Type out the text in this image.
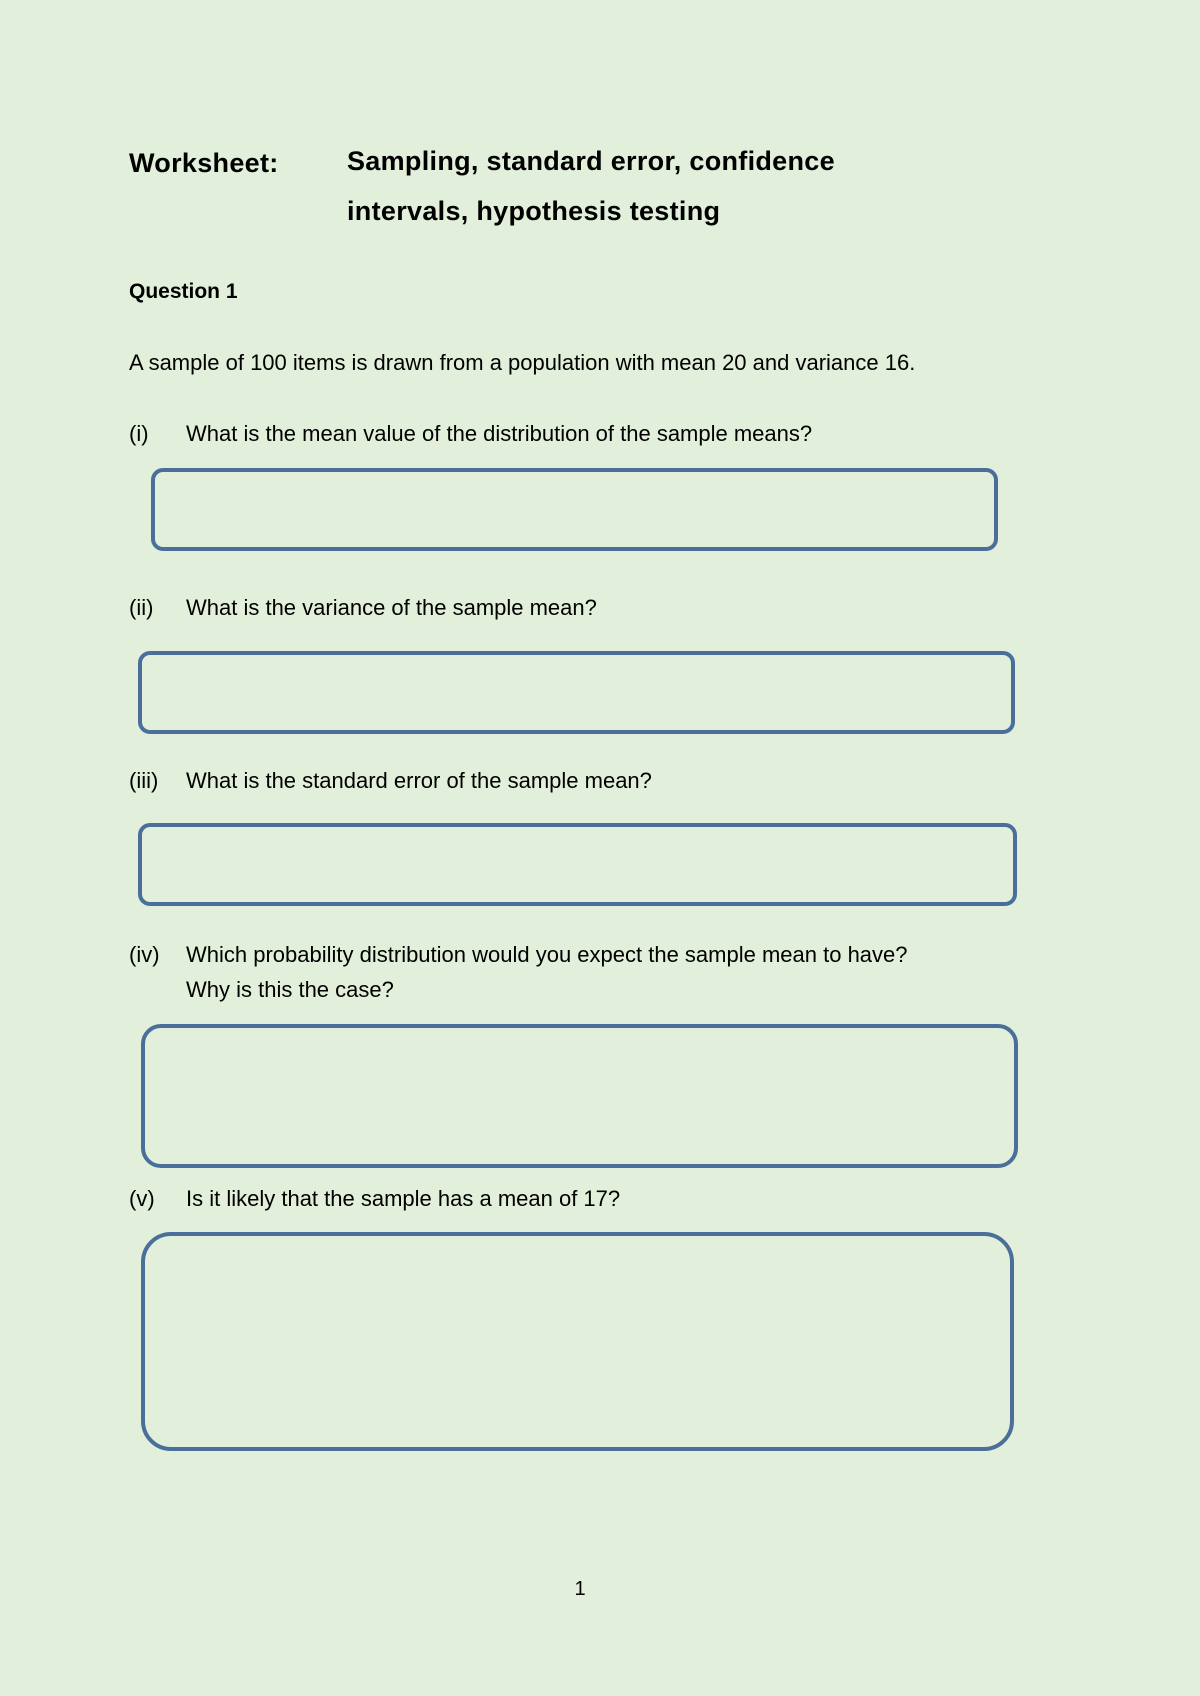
Worksheet:	Sampling, standard error, confidence
intervals, hypothesis testing
Question 1
A sample of 100 items is drawn from a population with mean 20 and variance 16.
(i) What is the mean value of the distribution of the sample means?
(ii) What is the variance of the sample mean?
(iii) What is the standard error of the sample mean?
(iv) Which probability distribution would you expect the sample mean to have?
Why is this the case?
(v) Is it likely that the sample has a mean of 17?
1
